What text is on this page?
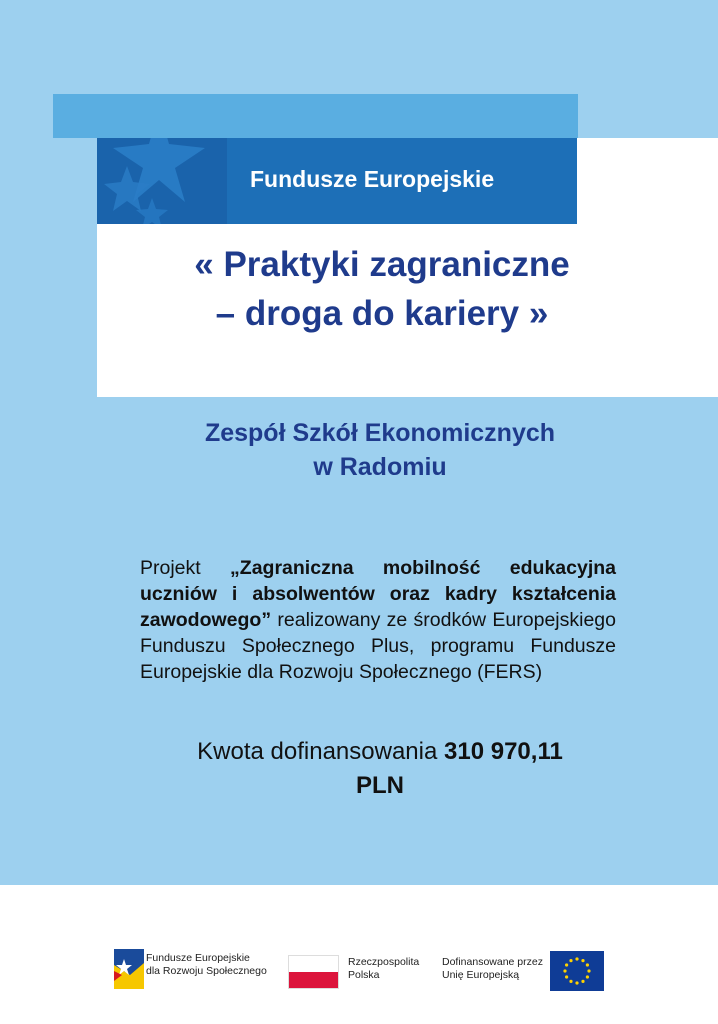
Fundusze Europejskie
« Praktyki zagraniczne
– droga do kariery »
Zespół Szkół Ekonomicznych
w Radomiu

Projekt „Zagraniczna mobilność edukacyjna uczniów i absolwentów oraz kadry kształcenia zawodowego” realizowany ze środków Europejskiego Funduszu Społecznego Plus, programu Fundusze Europejskie dla Rozwoju Społecznego (FERS)

Kwota dofinansowania 310 970,11
PLN

Fundusze Europejskie
dla Rozwoju Społecznego
Rzeczpospolita
Polska
Dofinansowane przez
Unię Europejską
